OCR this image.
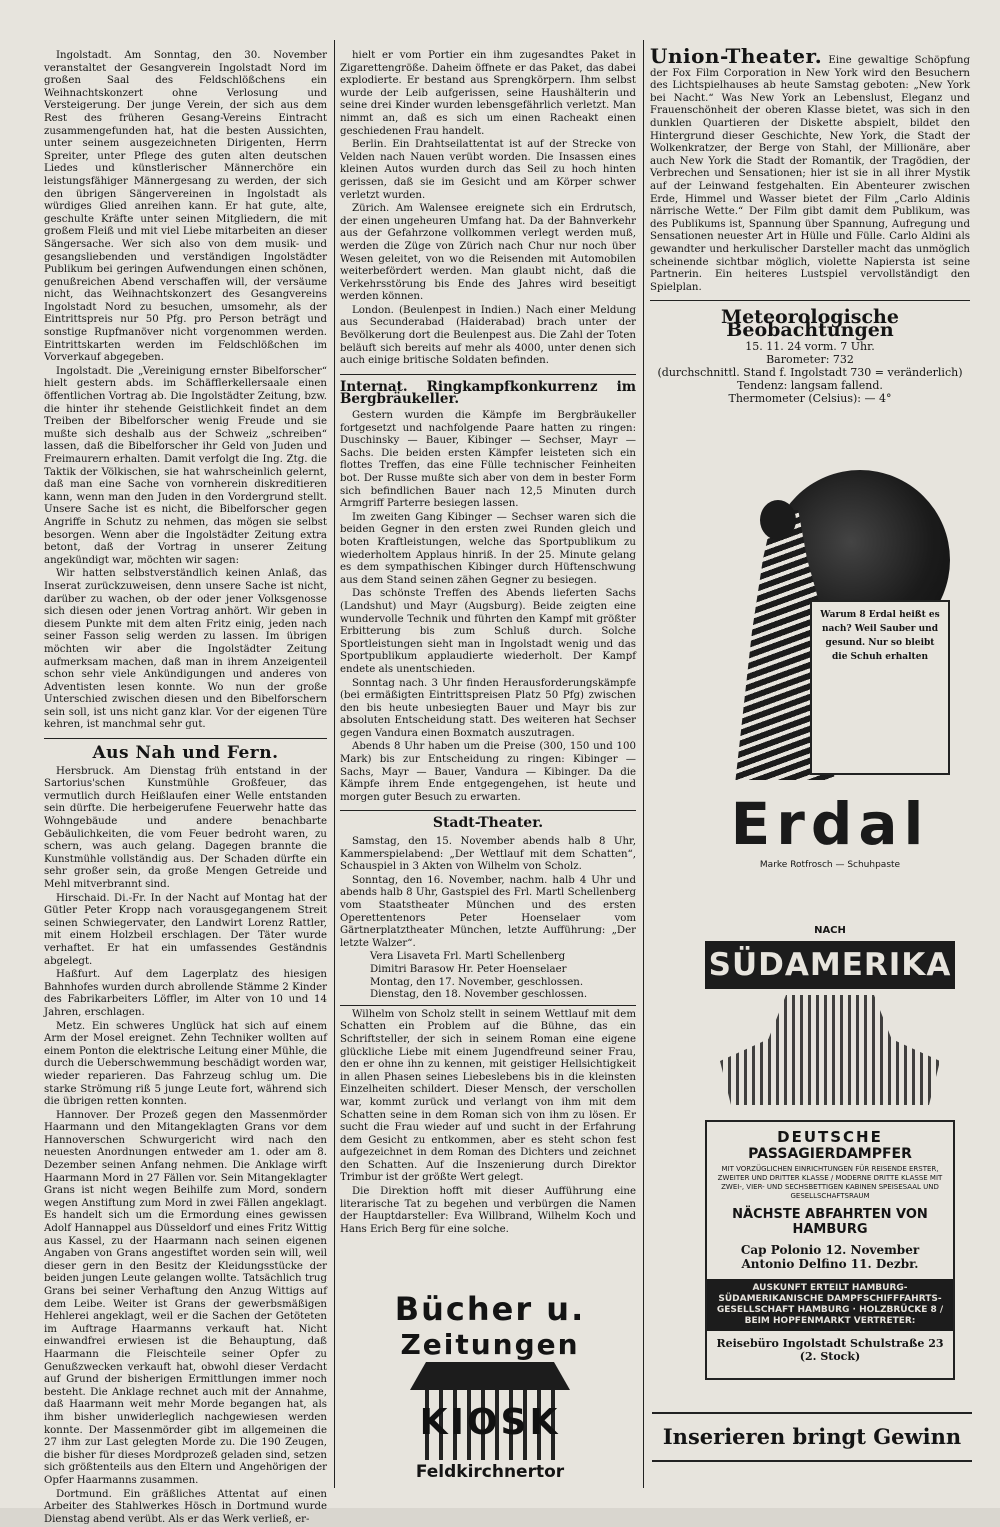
Ingolstadt. Am Sonntag, den 30. November veranstaltet der Gesangverein Ingolstadt Nord im großen Saal des Feldschlößchens ein Weihnachtskonzert ohne Verlosung und Versteigerung. Der junge Verein, der sich aus dem Rest des früheren Gesang-Vereins Eintracht zusammengefunden hat, hat die besten Aussichten, unter seinem ausgezeichneten Dirigenten, Herrn Spreiter, unter Pflege des guten alten deutschen Liedes und künstlerischer Männerchöre ein leistungsfähiger Männergesang zu werden, der sich den übrigen Sängervereinen in Ingolstadt als würdiges Glied anreihen kann. Er hat gute, alte, geschulte Kräfte unter seinen Mitgliedern, die mit großem Fleiß und mit viel Liebe mitarbeiten an dieser Sängersache. Wer sich also von dem musik- und gesangsliebenden und verständigen Ingolstädter Publikum bei geringen Aufwendungen einen schönen, genußreichen Abend verschaffen will, der versäume nicht, das Weihnachtskonzert des Gesangvereins Ingolstadt Nord zu besuchen, umsomehr, als der Eintrittspreis nur 50 Pfg. pro Person beträgt und sonstige Rupfmanöver nicht vorgenommen werden. Eintrittskarten werden im Feldschlößchen im Vorverkauf abgegeben.

Ingolstadt. Die „Vereinigung ernster Bibelforscher“ hielt gestern abds. im Schäfflerkellersaale einen öffentlichen Vortrag ab. Die Ingolstädter Zeitung, bzw. die hinter ihr stehende Geistlichkeit findet an dem Treiben der Bibelforscher wenig Freude und sie mußte sich deshalb aus der Schweiz „schreiben“ lassen, daß die Bibelforscher ihr Geld von Juden und Freimaurern erhalten. Damit verfolgt die Ing. Ztg. die Taktik der Völkischen, sie hat wahrscheinlich gelernt, daß man eine Sache von vornherein diskreditieren kann, wenn man den Juden in den Vordergrund stellt. Unsere Sache ist es nicht, die Bibelforscher gegen Angriffe in Schutz zu nehmen, das mögen sie selbst besorgen. Wenn aber die Ingolstädter Zeitung extra betont, daß der Vortrag in unserer Zeitung angekündigt war, möchten wir sagen:

Wir hatten selbstverständlich keinen Anlaß, das Inserat zurückzuweisen, denn unsere Sache ist nicht, darüber zu wachen, ob der oder jener Volksgenosse sich diesen oder jenen Vortrag anhört. Wir geben in diesem Punkte mit dem alten Fritz einig, jeden nach seiner Fasson selig werden zu lassen. Im übrigen möchten wir aber die Ingolstädter Zeitung aufmerksam machen, daß man in ihrem Anzeigenteil schon sehr viele Ankündigungen und anderes von Adventisten lesen konnte. Wo nun der große Unterschied zwischen diesen und den Bibelforschern sein soll, ist uns nicht ganz klar. Vor der eigenen Türe kehren, ist manchmal sehr gut.

Aus Nah und Fern.

Hersbruck. Am Dienstag früh entstand in der Sartorius'schen Kunstmühle Großfeuer, das vermutlich durch Heißlaufen einer Welle entstanden sein dürfte. Die herbeigerufene Feuerwehr hatte das Wohngebäude und andere benachbarte Gebäulichkeiten, die vom Feuer bedroht waren, zu schern, was auch gelang. Dagegen brannte die Kunstmühle vollständig aus. Der Schaden dürfte ein sehr großer sein, da große Mengen Getreide und Mehl mitverbrannt sind.

Hirschaid. Di.-Fr. In der Nacht auf Montag hat der Gütler Peter Kropp nach vorausgegangenem Streit seinen Schwiegervater, den Landwirt Lorenz Rattler, mit einem Holzbeil erschlagen. Der Täter wurde verhaftet. Er hat ein umfassendes Geständnis abgelegt.

Haßfurt. Auf dem Lagerplatz des hiesigen Bahnhofes wurden durch abrollende Stämme 2 Kinder des Fabrikarbeiters Löffler, im Alter von 10 und 14 Jahren, erschlagen.

Metz. Ein schweres Unglück hat sich auf einem Arm der Mosel ereignet. Zehn Techniker wollten auf einem Ponton die elektrische Leitung einer Mühle, die durch die Ueberschwemmung beschädigt worden war, wieder reparieren. Das Fahrzeug schlug um. Die starke Strömung riß 5 junge Leute fort, während sich die übrigen retten konnten.

Hannover. Der Prozeß gegen den Massenmörder Haarmann und den Mitangeklagten Grans vor dem Hannoverschen Schwurgericht wird nach den neuesten Anordnungen entweder am 1. oder am 8. Dezember seinen Anfang nehmen. Die Anklage wirft Haarmann Mord in 27 Fällen vor. Sein Mitangeklagter Grans ist nicht wegen Beihilfe zum Mord, sondern wegen Anstiftung zum Mord in zwei Fällen angeklagt. Es handelt sich um die Ermordung eines gewissen Adolf Hannappel aus Düsseldorf und eines Fritz Wittig aus Kassel, zu der Haarmann nach seinen eigenen Angaben von Grans angestiftet worden sein will, weil dieser gern in den Besitz der Kleidungsstücke der beiden jungen Leute gelangen wollte. Tatsächlich trug Grans bei seiner Verhaftung den Anzug Wittigs auf dem Leibe. Weiter ist Grans der gewerbsmäßigen Hehlerei angeklagt, weil er die Sachen der Getöteten im Auftrage Haarmanns verkauft hat. Nicht einwandfrei erwiesen ist die Behauptung, daß Haarmann die Fleischteile seiner Opfer zu Genußzwecken verkauft hat, obwohl dieser Verdacht auf Grund der bisherigen Ermittlungen immer noch besteht. Die Anklage rechnet auch mit der Annahme, daß Haarmann weit mehr Morde begangen hat, als ihm bisher unwiderleglich nachgewiesen werden konnte. Der Massenmörder gibt im allgemeinen die 27 ihm zur Last gelegten Morde zu. Die 190 Zeugen, die bisher für dieses Mordprozeß geladen sind, setzen sich größtenteils aus den Eltern und Angehörigen der Opfer Haarmanns zusammen.

Dortmund. Ein gräßliches Attentat auf einen Arbeiter des Stahlwerkes Hösch in Dortmund wurde Dienstag abend verübt. Als er das Werk verließ, er-

hielt er vom Portier ein ihm zugesandtes Paket in Zigarettengröße. Daheim öffnete er das Paket, das dabei explodierte. Er bestand aus Sprengkörpern. Ihm selbst wurde der Leib aufgerissen, seine Haushälterin und seine drei Kinder wurden lebensgefährlich verletzt. Man nimmt an, daß es sich um einen Racheakt einen geschiedenen Frau handelt.

Berlin. Ein Drahtseilattentat ist auf der Strecke von Velden nach Nauen verübt worden. Die Insassen eines kleinen Autos wurden durch das Seil zu hoch hinten gerissen, daß sie im Gesicht und am Körper schwer verletzt wurden.

Zürich. Am Walensee ereignete sich ein Erdrutsch, der einen ungeheuren Umfang hat. Da der Bahnverkehr aus der Gefahrzone vollkommen verlegt werden muß, werden die Züge von Zürich nach Chur nur noch über Wesen geleitet, von wo die Reisenden mit Automobilen weiterbefördert werden. Man glaubt nicht, daß die Verkehrsstörung bis Ende des Jahres wird beseitigt werden können.

London. (Beulenpest in Indien.) Nach einer Meldung aus Secunderabad (Haiderabad) brach unter der Bevölkerung dort die Beulenpest aus. Die Zahl der Toten beläuft sich bereits auf mehr als 4000, unter denen sich auch einige britische Soldaten befinden.

Internat. Ringkampfkonkurrenz im Bergbräukeller.

Gestern wurden die Kämpfe im Bergbräukeller fortgesetzt und nachfolgende Paare hatten zu ringen: Duschinsky — Bauer, Kibinger — Sechser, Mayr — Sachs. Die beiden ersten Kämpfer leisteten sich ein flottes Treffen, das eine Fülle technischer Feinheiten bot. Der Russe mußte sich aber von dem in bester Form sich befindlichen Bauer nach 12,5 Minuten durch Armgriff Parterre besiegen lassen.

Im zweiten Gang Kibinger — Sechser waren sich die beiden Gegner in den ersten zwei Runden gleich und boten Kraftleistungen, welche das Sportpublikum zu wiederholtem Applaus hinriß. In der 25. Minute gelang es dem sympathischen Kibinger durch Hüftenschwung aus dem Stand seinen zähen Gegner zu besiegen.

Das schönste Treffen des Abends lieferten Sachs (Landshut) und Mayr (Augsburg). Beide zeigten eine wundervolle Technik und führten den Kampf mit größter Erbitterung bis zum Schluß durch. Solche Sportleistungen sieht man in Ingolstadt wenig und das Sportpublikum applaudierte wiederholt. Der Kampf endete als unentschieden.

Sonntag nach. 3 Uhr finden Herausforderungskämpfe (bei ermäßigten Eintrittspreisen Platz 50 Pfg) zwischen den bis heute unbesiegten Bauer und Mayr bis zur absoluten Entscheidung statt. Des weiteren hat Sechser gegen Vandura einen Boxmatch auszutragen.

Abends 8 Uhr haben um die Preise (300, 150 und 100 Mark) bis zur Entscheidung zu ringen: Kibinger — Sachs, Mayr — Bauer, Vandura — Kibinger. Da die Kämpfe ihrem Ende entgegengehen, ist heute und morgen guter Besuch zu erwarten.

Stadt-Theater.

Samstag, den 15. November abends halb 8 Uhr, Kammerspielabend: „Der Wettlauf mit dem Schatten“, Schauspiel in 3 Akten von Wilhelm von Scholz.

Sonntag, den 16. November, nachm. halb 4 Uhr und abends halb 8 Uhr, Gastspiel des Frl. Martl Schellenberg vom Staatstheater München und des ersten Operettentenors Peter Hoenselaer vom Gärtnerplatztheater München, letzte Aufführung: „Der letzte Walzer“.

Vera Lisaveta Frl. Martl Schellenberg
Dimitri Barasow Hr. Peter Hoenselaer
Montag, den 17. November, geschlossen.
Dienstag, den 18. November geschlossen.

Wilhelm von Scholz stellt in seinem Wettlauf mit dem Schatten ein Problem auf die Bühne, das ein Schriftsteller, der sich in seinem Roman eine eigene glückliche Liebe mit einem Jugendfreund seiner Frau, den er ohne ihn zu kennen, mit geistiger Hellsichtigkeit in allen Phasen seines Liebeslebens bis in die kleinsten Einzelheiten schildert. Dieser Mensch, der verschollen war, kommt zurück und verlangt von ihm mit dem Schatten seine in dem Roman sich von ihm zu lösen. Er sucht die Frau wieder auf und sucht in der Erfahrung dem Gesicht zu entkommen, aber es steht schon fest aufgezeichnet in dem Roman des Dichters und zeichnet den Schatten. Auf die Inszenierung durch Direktor Trimbur ist der größte Wert gelegt.

Die Direktion hofft mit dieser Aufführung eine literarische Tat zu begehen und verbürgen die Namen der Hauptdarsteller: Eva Willbrand, Wilhelm Koch und Hans Erich Berg für eine solche.

Union-Theater. Eine gewaltige Schöpfung der Fox Film Corporation in New York wird den Besuchern des Lichtspielhauses ab heute Samstag geboten: „New York bei Nacht.“ Was New York an Lebenslust, Eleganz und Frauenschönheit der oberen Klasse bietet, was sich in den dunklen Quartieren der Diskette abspielt, bildet den Hintergrund dieser Geschichte, New York, die Stadt der Wolkenkratzer, der Berge von Stahl, der Millionäre, aber auch New York die Stadt der Romantik, der Tragödien, der Verbrechen und Sensationen; hier ist sie in all ihrer Mystik auf der Leinwand festgehalten. Ein Abenteurer zwischen Erde, Himmel und Wasser bietet der Film „Carlo Aldinis närrische Wette.“ Der Film gibt damit dem Publikum, was des Publikums ist, Spannung über Spannung, Aufregung und Sensationen neuester Art in Hülle und Fülle. Carlo Aldini als gewandter und herkulischer Darsteller macht das unmöglich scheinende sichtbar möglich, violette Napiersta ist seine Partnerin. Ein heiteres Lustspiel vervollständigt den Spielplan.

Meteorologische Beobachtungen
15. 11. 24 vorm. 7 Uhr.
Barometer: 732
(durchschnittl. Stand f. Ingolstadt 730 = veränderlich)
Tendenz: langsam fallend.
Thermometer (Celsius): — 4°
Warum 8 Erdal heißt es nach? Weil Sauber und gesund. Nur so bleibt die Schuh erhalten
Erdal
Marke Rotfrosch — Schuhpaste
NACH
SÜDAMERIKA
DEUTSCHE
PASSAGIERDAMPFER
MIT VORZÜGLICHEN EINRICHTUNGEN FÜR REISENDE ERSTER, ZWEITER UND DRITTER KLASSE / MODERNE DRITTE KLASSE MIT ZWEI-, VIER- UND SECHSBETTIGEN KABINEN SPEISESAAL UND GESELLSCHAFTSRAUM
NÄCHSTE ABFAHRTEN VON HAMBURG
Cap Polonio 12. November Antonio Delfino 11. Dezbr.
AUSKUNFT ERTEILT HAMBURG-SÜDAMERIKANISCHE DAMPFSCHIFFFAHRTS-GESELLSCHAFT HAMBURG · HOLZBRÜCKE 8 / BEIM HOPFENMARKT VERTRETER:
Reisebüro Ingolstadt Schulstraße 23 (2. Stock)
Bücher u.
Zeitungen
KIOSK
Feldkirchnertor
Inserieren bringt Gewinn
